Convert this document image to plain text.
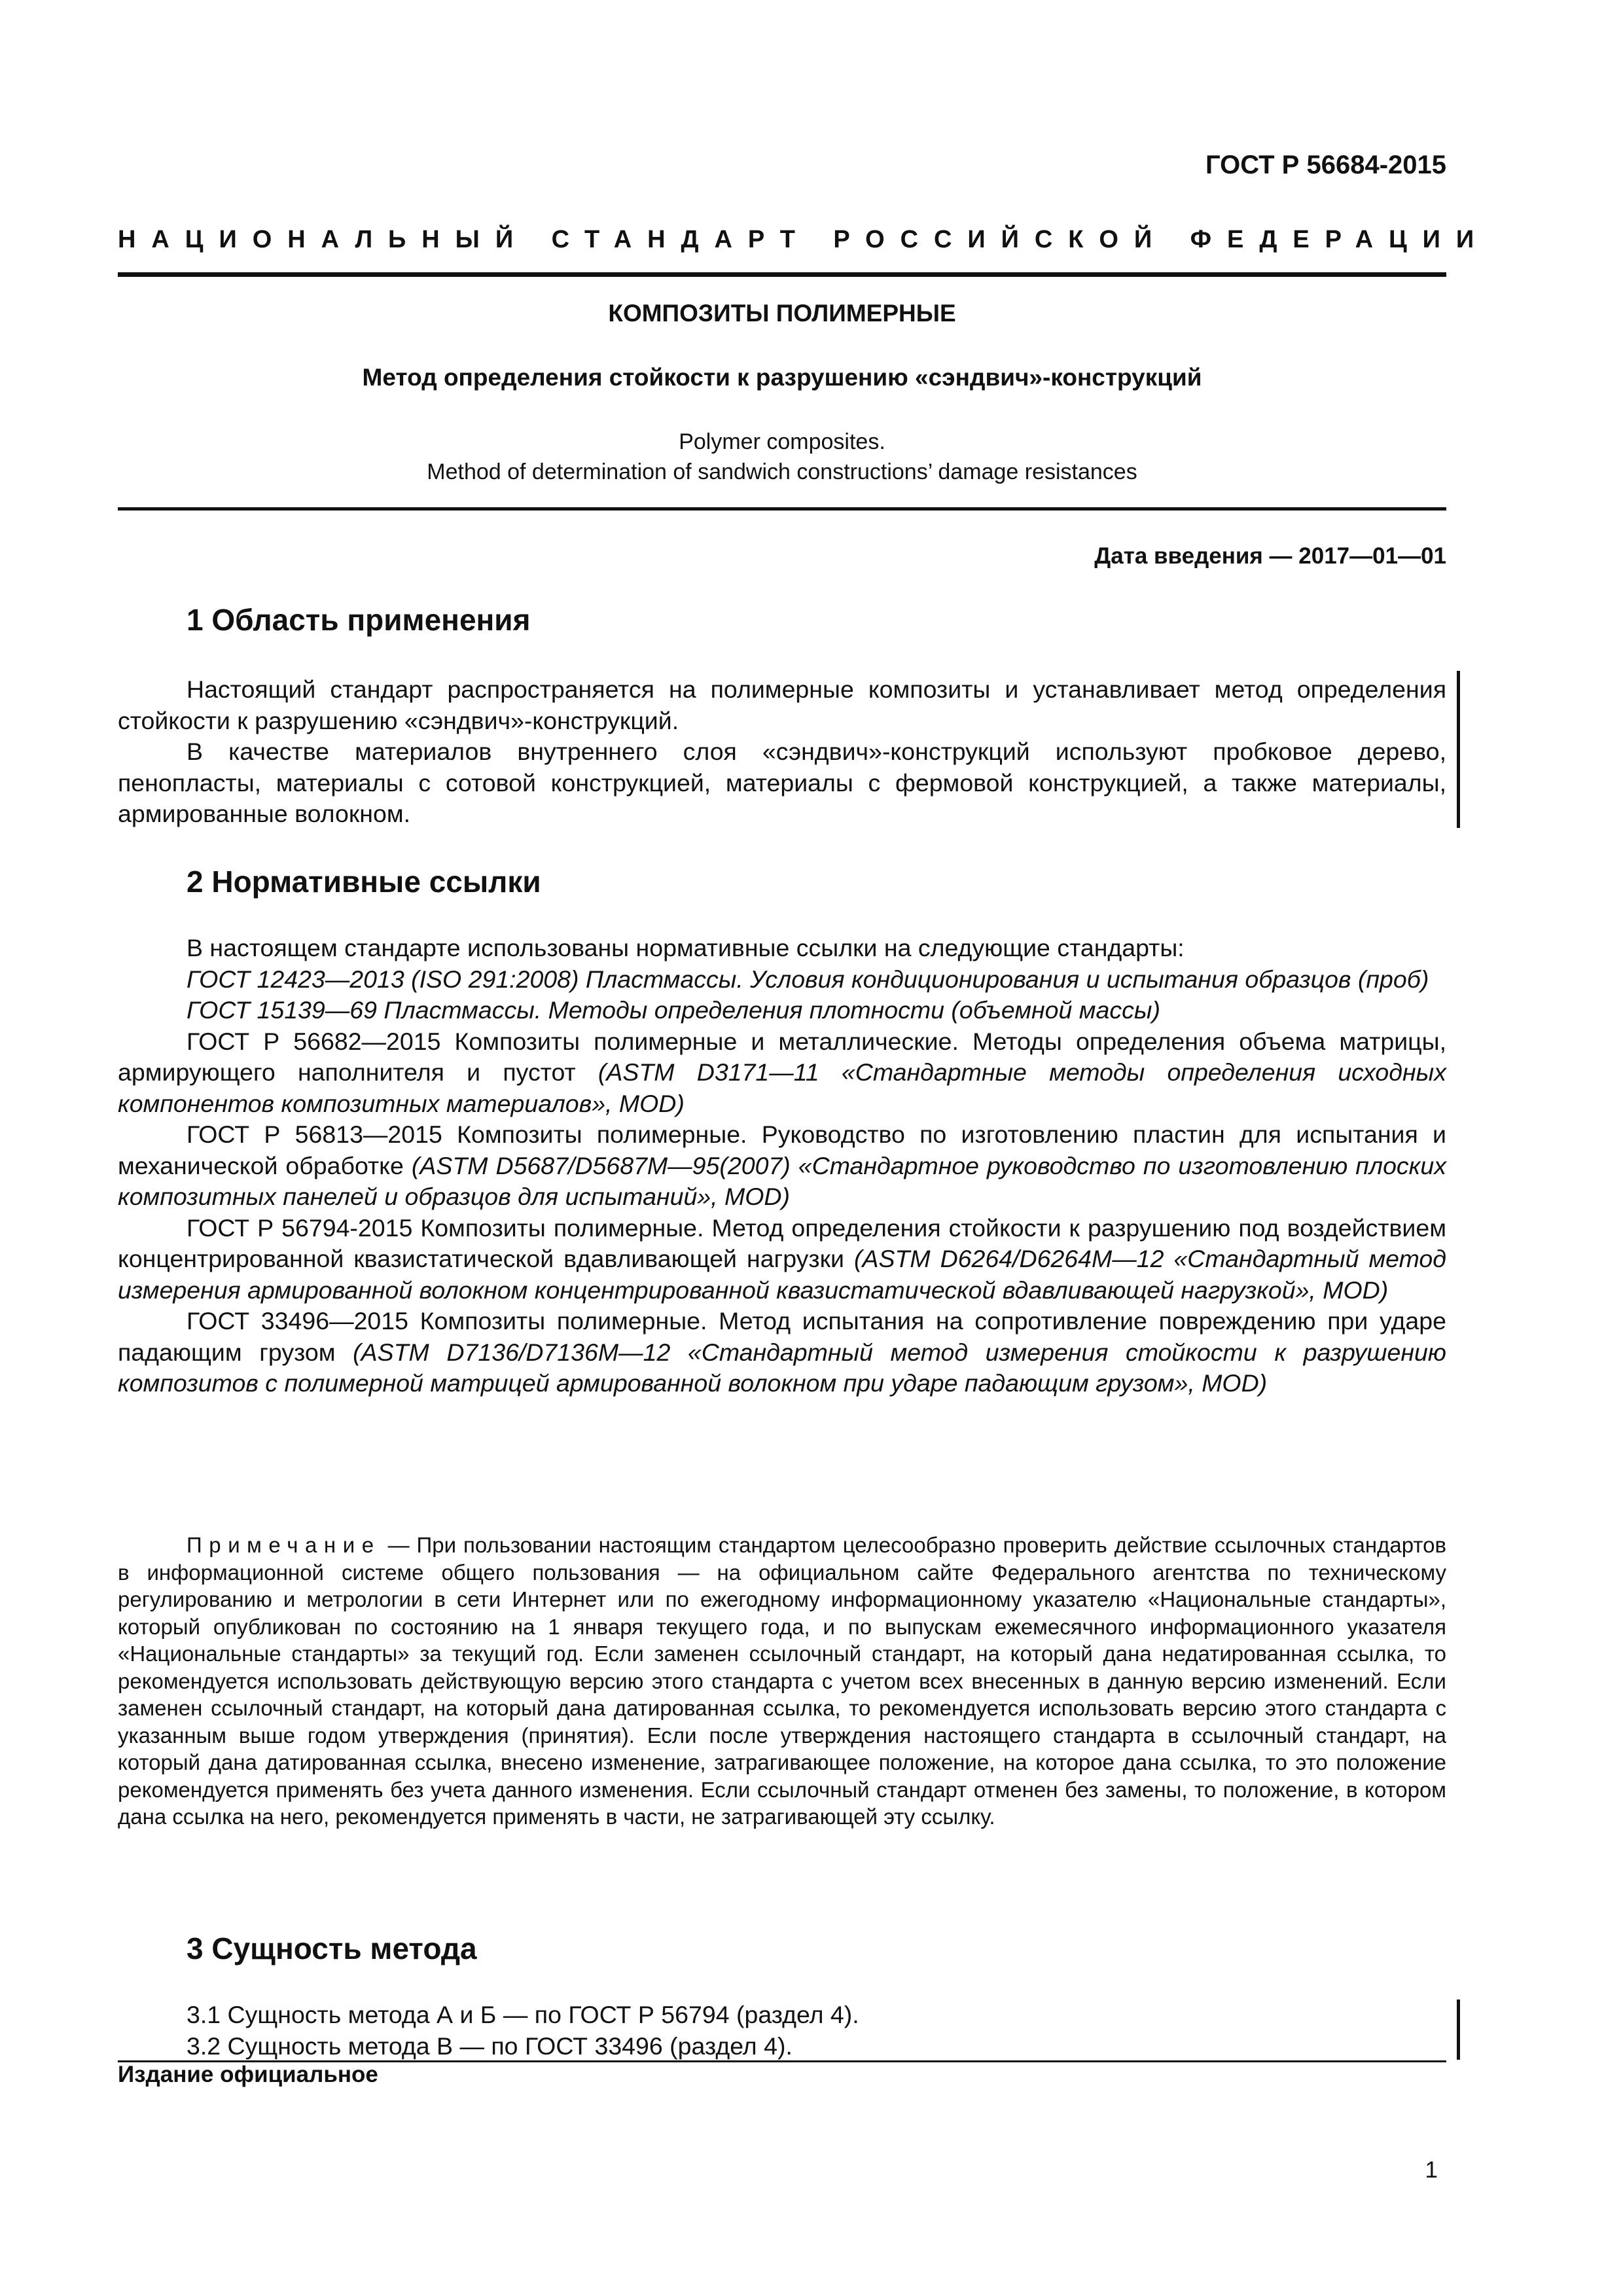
ГОСТ Р 56684-2015
НАЦИОНАЛЬНЫЙ СТАНДАРТ РОССИЙСКОЙ ФЕДЕРАЦИИ
КОМПОЗИТЫ ПОЛИМЕРНЫЕ
Метод определения стойкости к разрушению «сэндвич»-конструкций
Polymer composites.
Method of determination of sandwich constructions’ damage resistances
Дата введения — 2017—01—01
1 Область применения

Настоящий стандарт распространяется на полимерные композиты и устанавливает метод определения стойкости к разрушению «сэндвич»-конструкций.

В качестве материалов внутреннего слоя «сэндвич»-конструкций используют пробковое дерево, пенопласты, материалы с сотовой конструкцией, материалы с фермовой конструкцией, а также материалы, армированные волокном.

2 Нормативные ссылки

В настоящем стандарте использованы нормативные ссылки на следующие стандарты:

ГОСТ 12423—2013 (ISO 291:2008) Пластмассы. Условия кондиционирования и испытания образцов (проб)

ГОСТ 15139—69 Пластмассы. Методы определения плотности (объемной массы)

ГОСТ Р 56682—2015 Композиты полимерные и металлические. Методы определения объема матрицы, армирующего наполнителя и пустот (ASTM D3171—11 «Стандартные методы определения исходных компонентов композитных материалов», MOD)

ГОСТ Р 56813—2015 Композиты полимерные. Руководство по изготовлению пластин для испытания и механической обработке (ASTM D5687/D5687M—95(2007) «Стандартное руководство по изготовлению плоских композитных панелей и образцов для испытаний», MOD)

ГОСТ Р 56794-2015 Композиты полимерные. Метод определения стойкости к разрушению под воздействием концентрированной квазистатической вдавливающей нагрузки (ASTM D6264/D6264M—12 «Стандартный метод измерения армированной волокном концентрированной квазистатической вдавливающей нагрузкой», MOD)

ГОСТ 33496—2015 Композиты полимерные. Метод испытания на сопротивление повреждению при ударе падающим грузом (ASTM D7136/D7136M—12 «Стандартный метод измерения стойкости к разрушению композитов с полимерной матрицей армированной волокном при ударе падающим грузом», MOD)

Примечание — При пользовании настоящим стандартом целесообразно проверить действие ссылочных стандартов в информационной системе общего пользования — на официальном сайте Федерального агентства по техническому регулированию и метрологии в сети Интернет или по ежегодному информационному указателю «Национальные стандарты», который опубликован по состоянию на 1 января текущего года, и по выпускам ежемесячного информационного указателя «Национальные стандарты» за текущий год. Если заменен ссылочный стандарт, на который дана недатированная ссылка, то рекомендуется использовать действующую версию этого стандарта с учетом всех внесенных в данную версию изменений. Если заменен ссылочный стандарт, на который дана датированная ссылка, то рекомендуется использовать версию этого стандарта с указанным выше годом утверждения (принятия). Если после утверждения настоящего стандарта в ссылочный стандарт, на который дана датированная ссылка, внесено изменение, затрагивающее положение, на которое дана ссылка, то это положение рекомендуется применять без учета данного изменения. Если ссылочный стандарт отменен без замены, то положение, в котором дана ссылка на него, рекомендуется применять в части, не затрагивающей эту ссылку.

3 Сущность метода

3.1 Сущность метода А и Б — по ГОСТ Р 56794 (раздел 4).

3.2 Сущность метода В — по ГОСТ 33496 (раздел 4).

Издание официальное
1
